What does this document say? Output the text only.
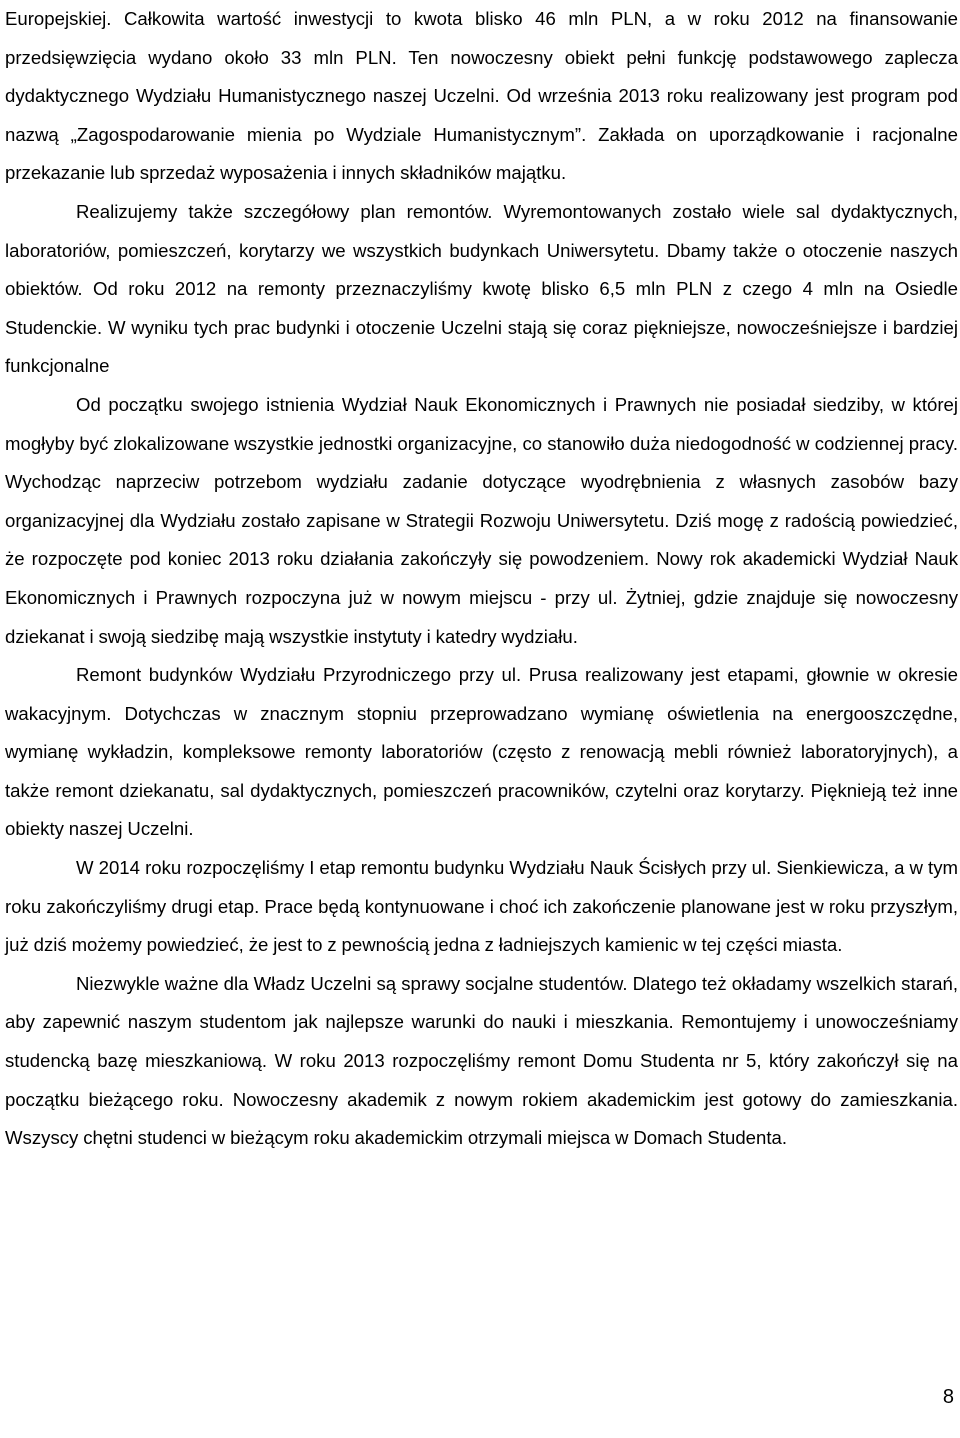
Europejskiej. Całkowita wartość inwestycji to kwota blisko 46 mln PLN, a w roku 2012 na finansowanie przedsięwzięcia wydano około 33 mln PLN. Ten nowoczesny obiekt pełni funkcję podstawowego zaplecza dydaktycznego Wydziału Humanistycznego naszej Uczelni. Od września 2013 roku realizowany jest program pod nazwą „Zagospodarowanie mienia po Wydziale Humanistycznym”. Zakłada on uporządkowanie i racjonalne przekazanie lub sprzedaż wyposażenia i innych składników majątku.

Realizujemy także szczegółowy plan remontów. Wyremontowanych zostało wiele sal dydaktycznych, laboratoriów, pomieszczeń, korytarzy we wszystkich budynkach Uniwersytetu. Dbamy także o otoczenie naszych obiektów. Od roku 2012 na remonty przeznaczyliśmy kwotę blisko 6,5 mln PLN z czego 4 mln na Osiedle Studenckie. W wyniku tych prac budynki i otoczenie Uczelni stają się coraz piękniejsze, nowocześniejsze i bardziej funkcjonalne

Od początku swojego istnienia Wydział Nauk Ekonomicznych i Prawnych nie posiadał siedziby, w której mogłyby być zlokalizowane wszystkie jednostki organizacyjne, co stanowiło duża niedogodność w codziennej pracy. Wychodząc naprzeciw potrzebom wydziału zadanie dotyczące wyodrębnienia z własnych zasobów bazy organizacyjnej dla Wydziału zostało zapisane w Strategii Rozwoju Uniwersytetu. Dziś mogę z radością powiedzieć, że rozpoczęte pod koniec 2013 roku działania zakończyły się powodzeniem. Nowy rok akademicki Wydział Nauk Ekonomicznych i Prawnych rozpoczyna już w nowym miejscu - przy ul. Żytniej, gdzie znajduje się nowoczesny dziekanat i swoją siedzibę mają wszystkie instytuty i katedry wydziału.

Remont budynków Wydziału Przyrodniczego przy ul. Prusa realizowany jest etapami, głownie w okresie wakacyjnym. Dotychczas w znacznym stopniu przeprowadzano wymianę oświetlenia na energooszczędne, wymianę wykładzin, kompleksowe remonty laboratoriów (często z renowacją mebli również laboratoryjnych), a także remont dziekanatu, sal dydaktycznych, pomieszczeń pracowników, czytelni oraz korytarzy. Pięknieją też inne obiekty naszej Uczelni.

W 2014 roku rozpoczęliśmy I etap remontu budynku Wydziału Nauk Ścisłych przy ul. Sienkiewicza, a w tym roku zakończyliśmy drugi etap. Prace będą kontynuowane i choć ich zakończenie planowane jest w roku przyszłym, już dziś możemy powiedzieć, że jest to z pewnością jedna z ładniejszych kamienic w tej części miasta.

Niezwykle ważne dla Władz Uczelni są sprawy socjalne studentów. Dlatego też okładamy wszelkich starań, aby zapewnić naszym studentom jak najlepsze warunki do nauki i mieszkania. Remontujemy i unowocześniamy studencką bazę mieszkaniową. W roku 2013 rozpoczęliśmy remont Domu Studenta nr 5, który zakończył się na początku bieżącego roku. Nowoczesny akademik z nowym rokiem akademickim jest gotowy do zamieszkania. Wszyscy chętni studenci w bieżącym roku akademickim otrzymali miejsca w Domach Studenta.

8
